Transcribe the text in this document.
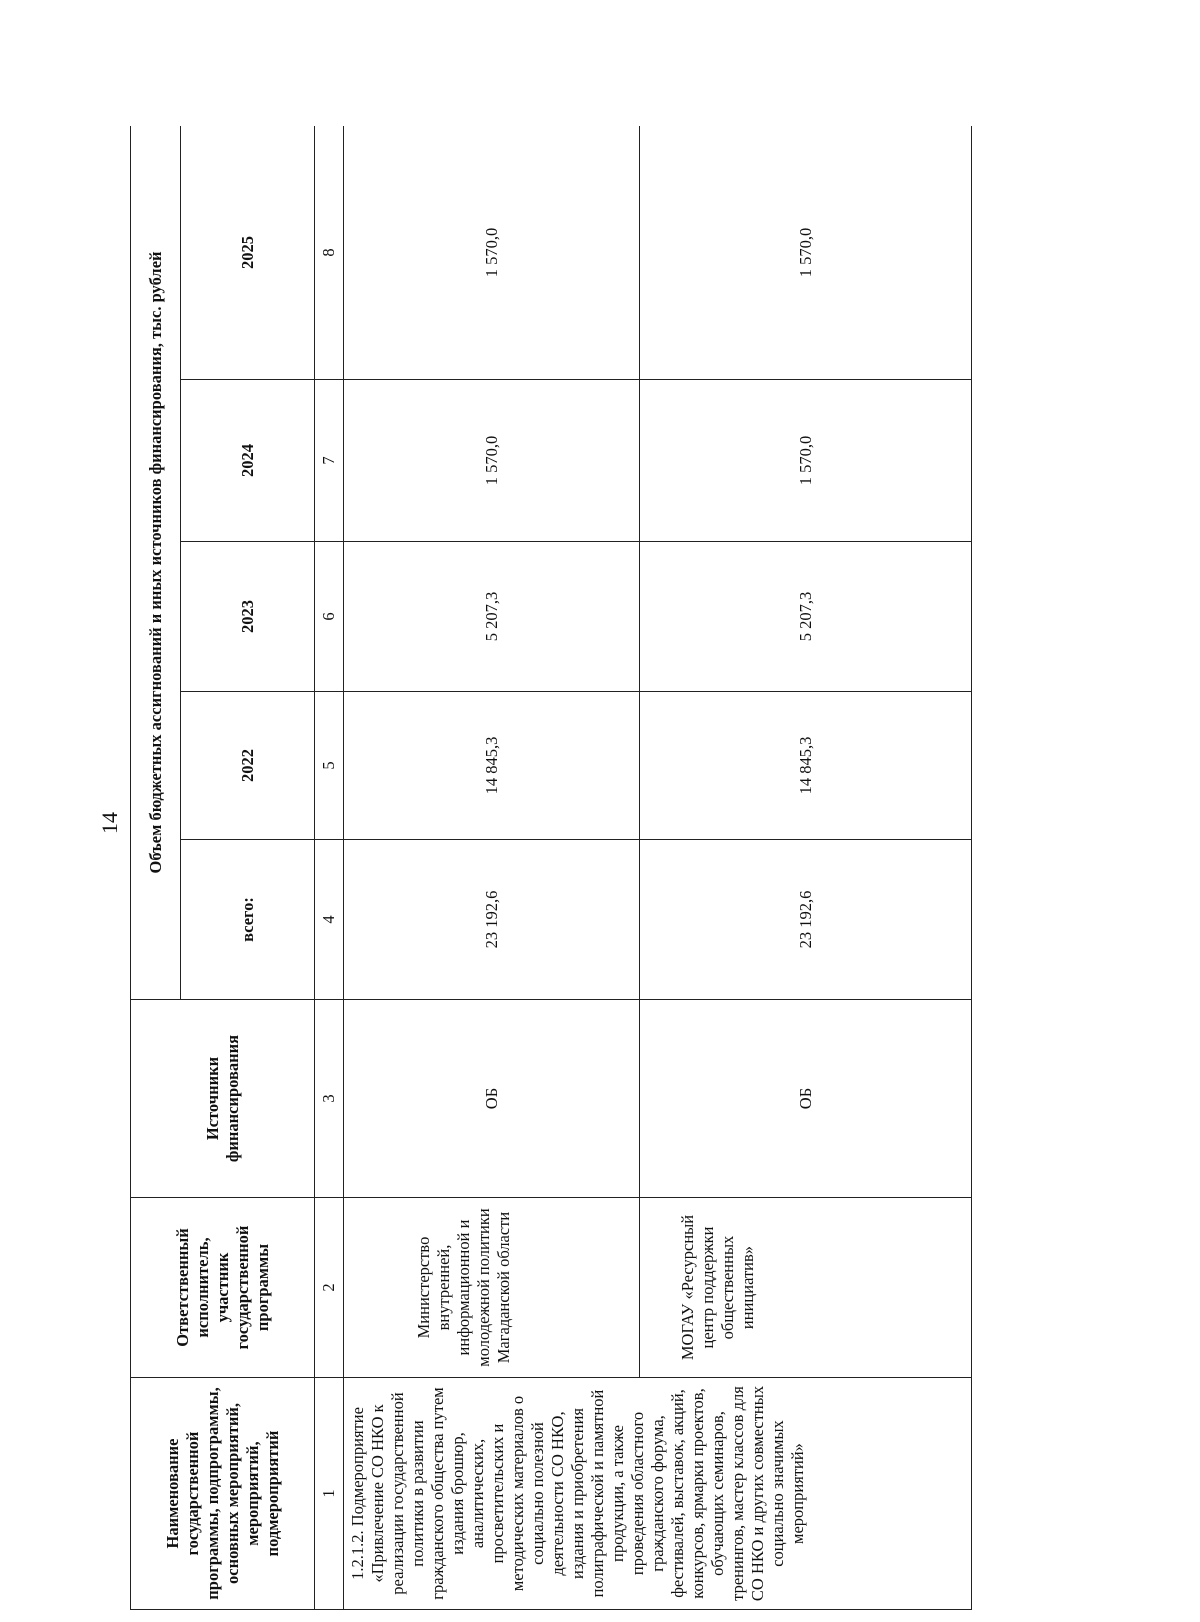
14
Наименование государственной программы, подпрограммы, основных мероприятий, мероприятий, подмероприятий	Ответственный исполнитель, участник государственной программы	Источники финансирования	Объем бюджетных ассигнований и иных источников финансирования, тыс. рублей				
			всего:	2022	2023	2024	2025
1	2	3	4	5	6	7	8
1.2.1.2. Подмероприятие «Привлечение СО НКО к реализации государственной политики в развитии гражданского общества путем издания брошюр, аналитических, просветительских и методических материалов о социально полезной деятельности СО НКО, издания и приобретения полиграфической и памятной продукции, а также проведения областного гражданского форума, фестивалей, выставок, акций, конкурсов, ярмарки проектов, обучающих семинаров, тренингов, мастер классов для СО НКО и других совместных социально значимых мероприятий»	Министерство внутренней, информационной и молодежной политики Магаданской области	ОБ	23 192,6	14 845,3	5 207,3	1 570,0	1 570,0
	МОГАУ «Ресурсный центр поддержки общественных инициатив»	ОБ	23 192,6	14 845,3	5 207,3	1 570,0	1 570,0
